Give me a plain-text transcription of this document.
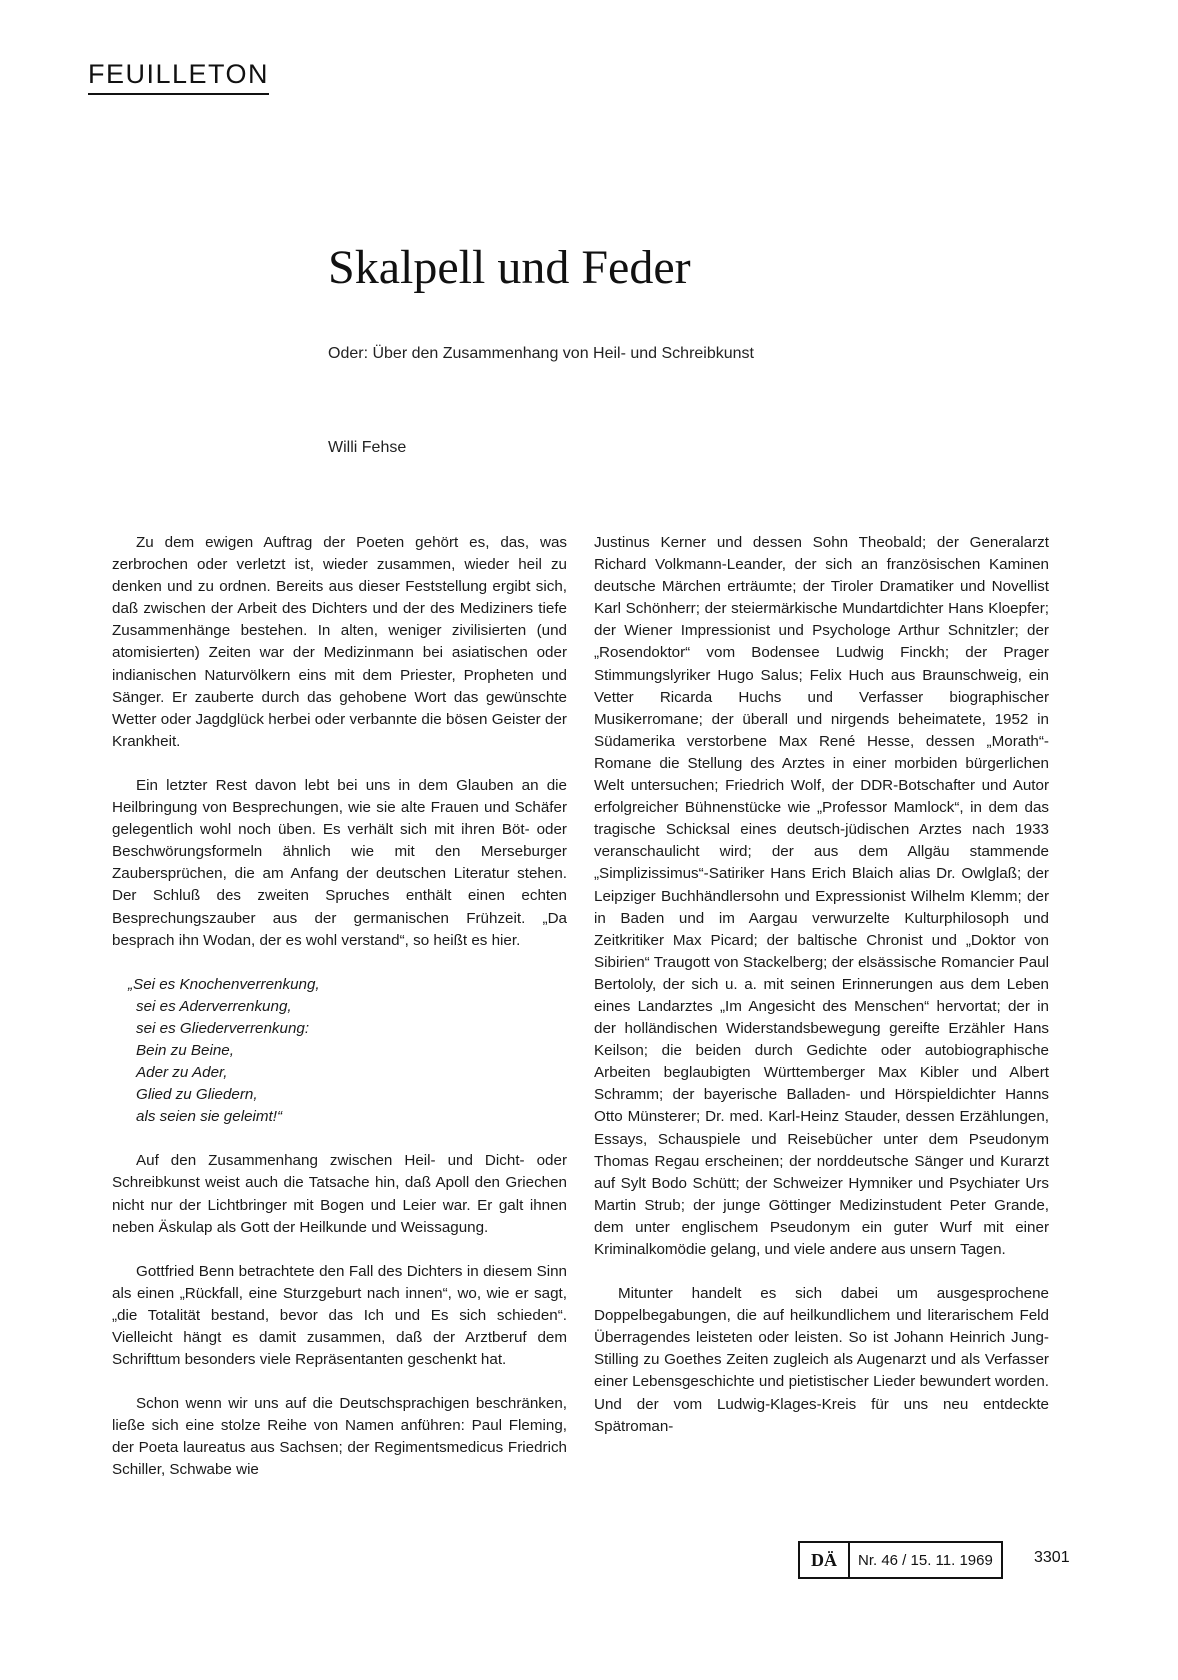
FEUILLETON
Skalpell und Feder
Oder: Über den Zusammenhang von Heil- und Schreibkunst
Willi Fehse

Zu dem ewigen Auftrag der Poeten gehört es, das, was zerbrochen oder verletzt ist, wieder zusammen, wieder heil zu denken und zu ordnen. Bereits aus dieser Feststellung ergibt sich, daß zwischen der Arbeit des Dichters und der des Mediziners tiefe Zusammenhänge bestehen. In alten, weniger zivilisierten (und atomisierten) Zeiten war der Medizinmann bei asiatischen oder indianischen Naturvölkern eins mit dem Priester, Propheten und Sänger. Er zauberte durch das gehobene Wort das gewünschte Wetter oder Jagdglück herbei oder verbannte die bösen Geister der Krankheit.

Ein letzter Rest davon lebt bei uns in dem Glauben an die Heilbringung von Besprechungen, wie sie alte Frauen und Schäfer gelegentlich wohl noch üben. Es verhält sich mit ihren Böt- oder Beschwörungsformeln ähnlich wie mit den Merseburger Zaubersprüchen, die am Anfang der deutschen Literatur stehen. Der Schluß des zweiten Spruches enthält einen echten Besprechungszauber aus der germanischen Frühzeit. „Da besprach ihn Wodan, der es wohl verstand“, so heißt es hier.

„Sei es Knochenverrenkung,
sei es Aderverrenkung,
sei es Gliederverrenkung:
Bein zu Beine,
Ader zu Ader,
Glied zu Gliedern,
als seien sie geleimt!“

Auf den Zusammenhang zwischen Heil- und Dicht- oder Schreibkunst weist auch die Tatsache hin, daß Apoll den Griechen nicht nur der Lichtbringer mit Bogen und Leier war. Er galt ihnen neben Äskulap als Gott der Heilkunde und Weissagung.

Gottfried Benn betrachtete den Fall des Dichters in diesem Sinn als einen „Rückfall, eine Sturzgeburt nach innen“, wo, wie er sagt, „die Totalität bestand, bevor das Ich und Es sich schieden“. Vielleicht hängt es damit zusammen, daß der Arztberuf dem Schrifttum besonders viele Repräsentanten geschenkt hat.

Schon wenn wir uns auf die Deutschsprachigen beschränken, ließe sich eine stolze Reihe von Namen anführen: Paul Fleming, der Poeta laureatus aus Sachsen; der Regimentsmedicus Friedrich Schiller, Schwabe wie

Justinus Kerner und dessen Sohn Theobald; der Generalarzt Richard Volkmann-Leander, der sich an französischen Kaminen deutsche Märchen erträumte; der Tiroler Dramatiker und Novellist Karl Schönherr; der steiermärkische Mundartdichter Hans Kloepfer; der Wiener Impressionist und Psychologe Arthur Schnitzler; der „Rosendoktor“ vom Bodensee Ludwig Finckh; der Prager Stimmungslyriker Hugo Salus; Felix Huch aus Braunschweig, ein Vetter Ricarda Huchs und Verfasser biographischer Musikerromane; der überall und nirgends beheimatete, 1952 in Südamerika verstorbene Max René Hesse, dessen „Morath“-Romane die Stellung des Arztes in einer morbiden bürgerlichen Welt untersuchen; Friedrich Wolf, der DDR-Botschafter und Autor erfolgreicher Bühnenstücke wie „Professor Mamlock“, in dem das tragische Schicksal eines deutsch-jüdischen Arztes nach 1933 veranschaulicht wird; der aus dem Allgäu stammende „Simplizissimus“-Satiriker Hans Erich Blaich alias Dr. Owlglaß; der Leipziger Buchhändlersohn und Expressionist Wilhelm Klemm; der in Baden und im Aargau verwurzelte Kulturphilosoph und Zeitkritiker Max Picard; der baltische Chronist und „Doktor von Sibirien“ Traugott von Stackelberg; der elsässische Romancier Paul Bertololy, der sich u. a. mit seinen Erinnerungen aus dem Leben eines Landarztes „Im Angesicht des Menschen“ hervortat; der in der holländischen Widerstandsbewegung gereifte Erzähler Hans Keilson; die beiden durch Gedichte oder autobiographische Arbeiten beglaubigten Württemberger Max Kibler und Albert Schramm; der bayerische Balladen- und Hörspieldichter Hanns Otto Münsterer; Dr. med. Karl-Heinz Stauder, dessen Erzählungen, Essays, Schauspiele und Reisebücher unter dem Pseudonym Thomas Regau erscheinen; der norddeutsche Sänger und Kurarzt auf Sylt Bodo Schütt; der Schweizer Hymniker und Psychiater Urs Martin Strub; der junge Göttinger Medizinstudent Peter Grande, dem unter englischem Pseudonym ein guter Wurf mit einer Kriminalkomödie gelang, und viele andere aus unsern Tagen.

Mitunter handelt es sich dabei um ausgesprochene Doppelbegabungen, die auf heilkundlichem und literarischem Feld Überragendes leisteten oder leisten. So ist Johann Heinrich Jung-Stilling zu Goethes Zeiten zugleich als Augenarzt und als Verfasser einer Lebensgeschichte und pietistischer Lieder bewundert worden. Und der vom Ludwig-Klages-Kreis für uns neu entdeckte Spätroman-

DÄ	Nr. 46 / 15. 11. 1969	3301
